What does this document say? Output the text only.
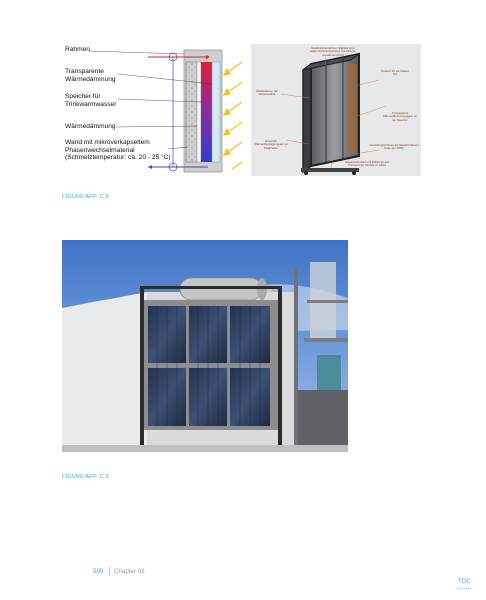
Rahmen
Transparente
Wärmedämmung
Speicher für
Trinkwarmwasser
Wärmedämmung
Wand mit mikroverkapseltem
Phasenwechselmaterial
(Schmelztemperatur: ca. 20 - 25 °C)
Metallrahmenrahmen Stahlteil mit 2 Lagen Isolierkompositen mit scheme-Aquafonten PCM
Fixation für die Kasten Teil
Metallrahmen der Wandmodule
Transparente Wärmedämmung gegen an die Speicher
Einschub Wärmeübertragungsteil mit Pfeilpfeifen
Verstellungsrahmen am Glasteil (Muster Kette der TWD)
Unterkonstruktion mit Rollen für den Transport der Module im Labor
FIGURE APP. C.8
FIGURE APP. C.9
509 Chapter 03
TOC
